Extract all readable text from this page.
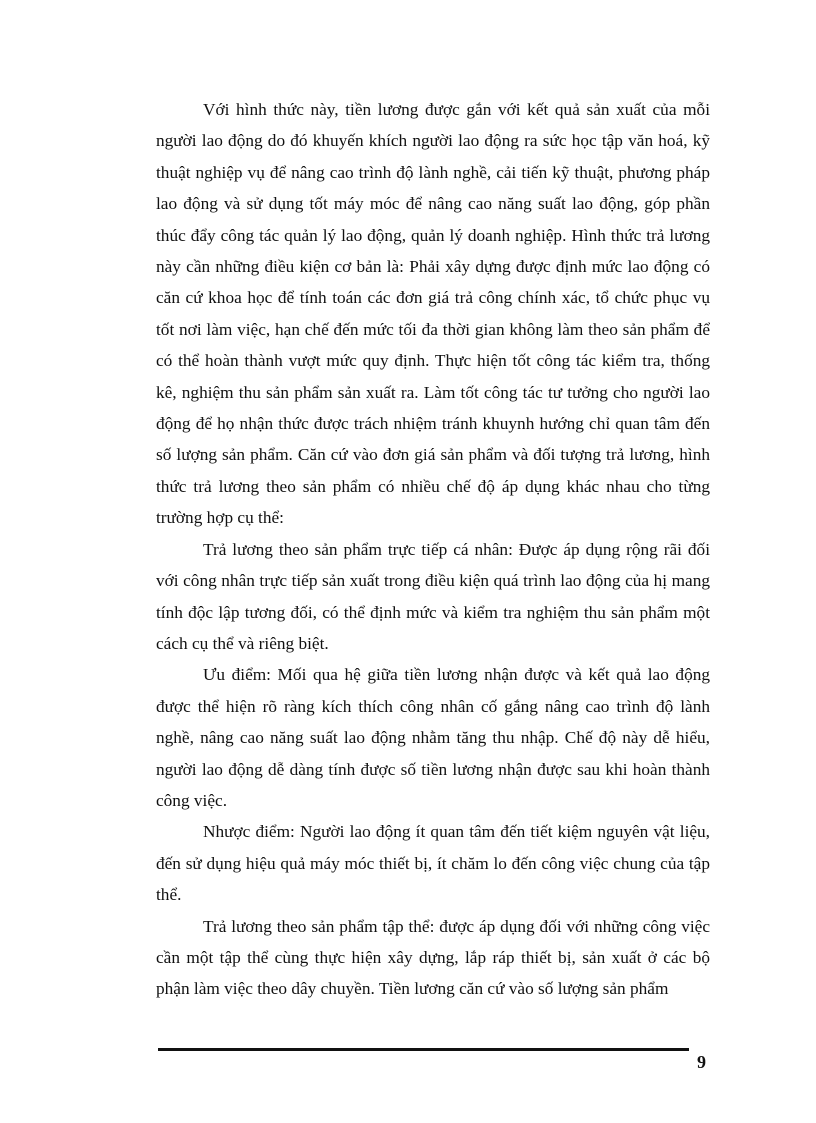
Với hình thức này, tiền lương được gắn với kết quả sản xuất của mỗi người lao động do đó khuyến khích người lao động ra sức học tập văn hoá, kỹ thuật nghiệp vụ để nâng cao trình độ lành nghề, cải tiến kỹ thuật, phương pháp lao động và sử dụng tốt máy móc để nâng cao năng suất lao động, góp phần thúc đẩy công tác quản lý lao động, quản lý doanh nghiệp. Hình thức trả lương này cần những điều kiện cơ bản là: Phải xây dựng được định mức lao động có căn cứ khoa học để tính toán các đơn giá trả công chính xác, tổ chức phục vụ tốt nơi làm việc, hạn chế đến mức tối đa thời gian không làm theo sản phẩm để có thể hoàn thành vượt mức quy định. Thực hiện tốt công tác kiểm tra, thống kê, nghiệm thu sản phẩm sản xuất ra. Làm tốt công tác tư tưởng cho người lao động để họ nhận thức được trách nhiệm tránh khuynh hướng chỉ quan tâm đến số lượng sản phẩm. Căn cứ vào đơn giá sản phẩm và đối tượng trả lương, hình thức trả lương theo sản phẩm có nhiều chế độ áp dụng khác nhau cho từng trường hợp cụ thể:

Trả lương theo sản phẩm trực tiếp cá nhân: Được áp dụng rộng rãi đối với công nhân trực tiếp sản xuất trong điều kiện quá trình lao động của hị mang tính độc lập tương đối, có thể định mức và kiểm tra nghiệm thu sản phẩm một cách cụ thể và riêng biệt.

Ưu điểm: Mối qua hệ giữa tiền lương nhận được và kết quả lao động được thể hiện rõ ràng kích thích công nhân cố gắng nâng cao trình độ lành nghề, nâng cao năng suất lao động nhằm tăng thu nhập. Chế độ này dễ hiểu, người lao động dễ dàng tính được số tiền lương nhận được sau khi hoàn thành công việc.

Nhược điểm: Người lao động ít quan tâm đến tiết kiệm nguyên vật liệu, đến sử dụng hiệu quả máy móc thiết bị, ít chăm lo đến công việc chung của tập thể.

Trả lương theo sản phẩm tập thể: được áp dụng đối với những công việc cần một tập thể cùng thực hiện xây dựng, lắp ráp thiết bị, sản xuất ở các bộ phận làm việc theo dây chuyền. Tiền lương căn cứ vào số lượng sản phẩm

9
